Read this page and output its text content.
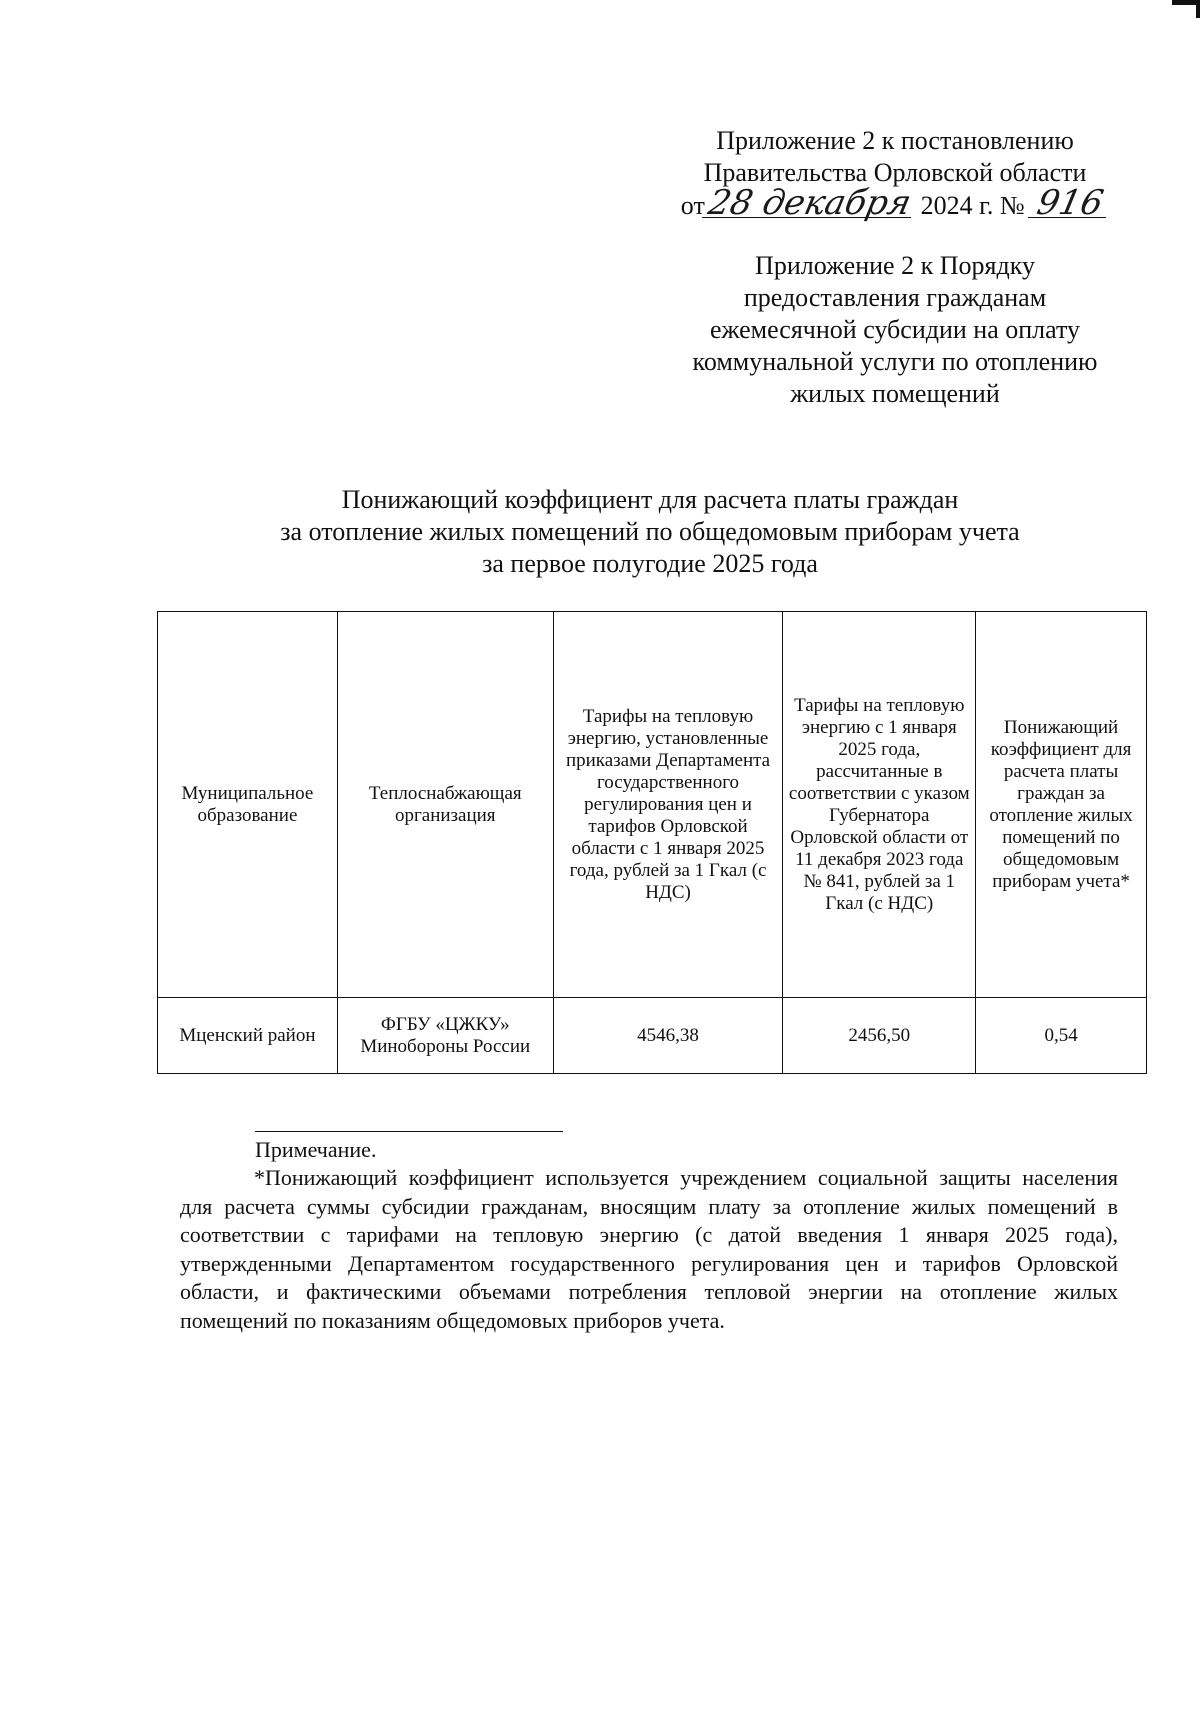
Приложение 2 к постановлению
Правительства Орловской области
от28 декабря 2024 г. № 916
Приложение 2 к Порядку
предоставления гражданам
ежемесячной субсидии на оплату
коммунальной услуги по отоплению
жилых помещений
Понижающий коэффициент для расчета платы граждан
за отопление жилых помещений по общедомовым приборам учета
за первое полугодие 2025 года
Муниципальное образование	Теплоснабжающая организация	Тарифы на тепловую энергию, установленные приказами Департамента государственного регулирования цен и тарифов Орловской области с 1 января 2025 года, рублей за 1 Гкал (с НДС)	Тарифы на тепловую энергию с 1 января 2025 года, рассчитанные в соответствии с указом Губернатора Орловской области от 11 декабря 2023 года № 841, рублей за 1 Гкал (с НДС)	Понижающий коэффициент для расчета платы граждан за отопление жилых помещений по общедомовым приборам учета*
Мценский район	ФГБУ «ЦЖКУ» Минобороны России	4546,38	2456,50	0,54
Примечание.
*Понижающий коэффициент используется учреждением социальной защиты населения для расчета суммы субсидии гражданам, вносящим плату за отопление жилых помещений в соответствии с тарифами на тепловую энергию (с датой введения 1 января 2025 года), утвержденными Департаментом государственного регулирования цен и тарифов Орловской области, и фактическими объемами потребления тепловой энергии на отопление жилых помещений по показаниям общедомовых приборов учета.
